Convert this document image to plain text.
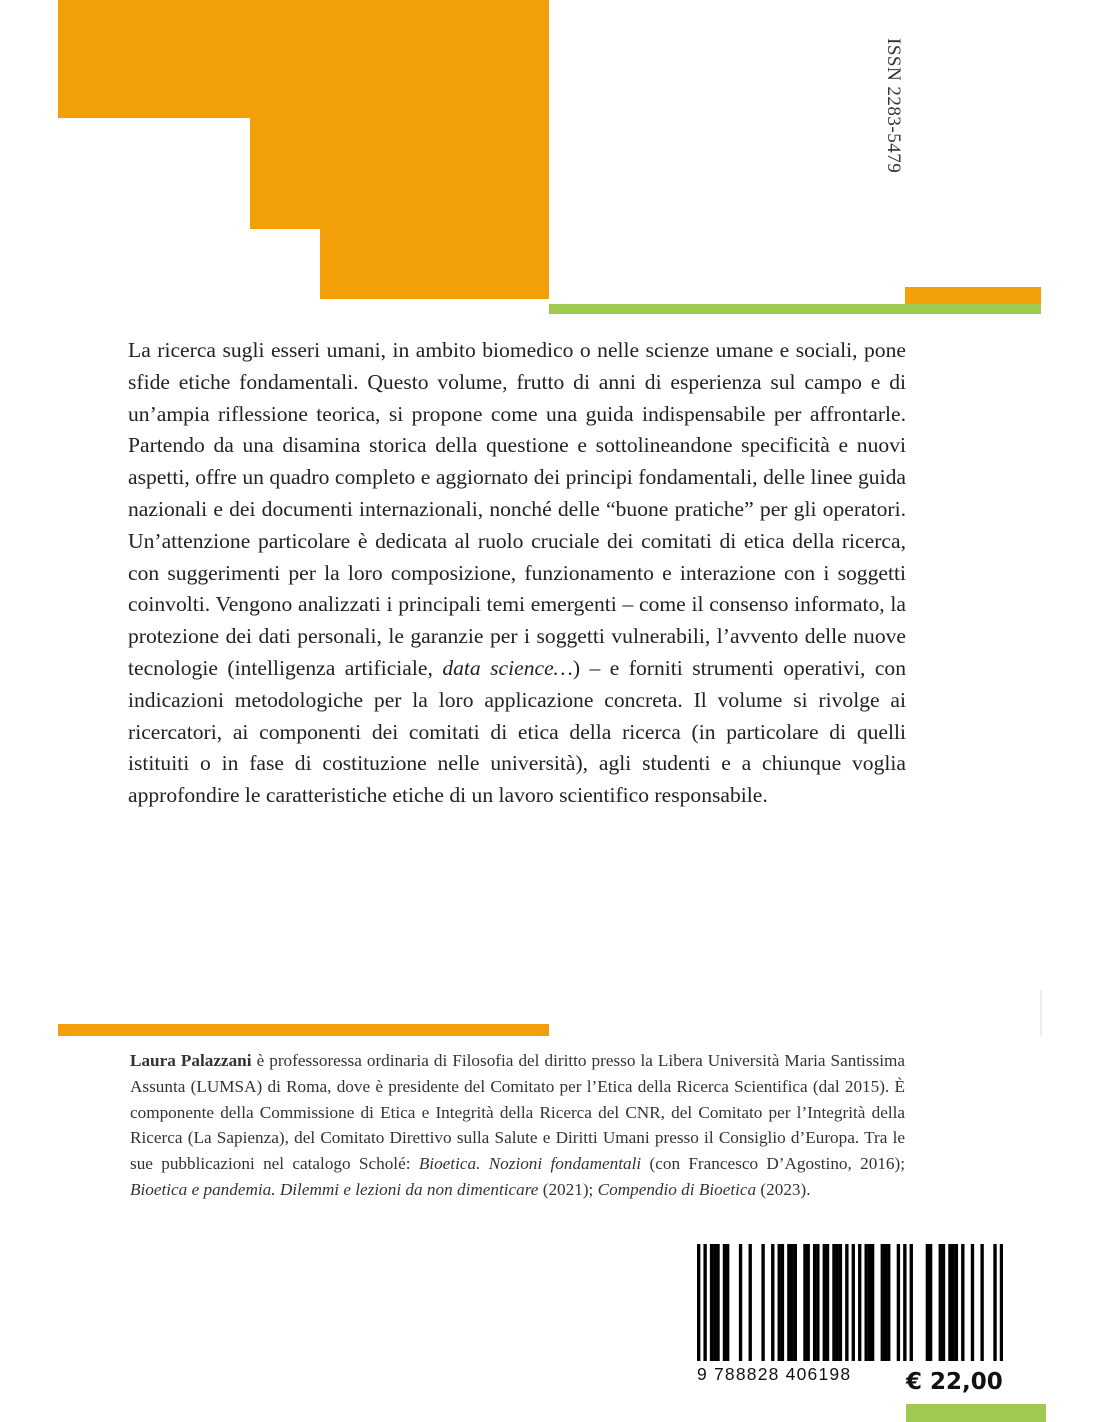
ISSN 2283-5479

La ricerca sugli esseri umani, in ambito biomedico o nelle scienze umane e sociali, pone sfide etiche fondamentali. Questo volume, frutto di anni di esperienza sul campo e di un’ampia riflessione teorica, si propone come una guida indispensabile per affrontarle. Partendo da una disamina storica della questione e sottolineandone specificità e nuovi aspetti, offre un quadro completo e aggiornato dei principi fondamentali, delle linee guida nazionali e dei documenti internazionali, nonché delle “buone pratiche” per gli operatori. Un’attenzione particolare è dedicata al ruolo cruciale dei comitati di etica della ricerca, con suggerimenti per la loro composizione, funzionamento e interazione con i soggetti coinvolti. Vengono analizzati i principali temi emergenti – come il consenso informato, la protezione dei dati personali, le garanzie per i soggetti vulnerabili, l’avvento delle nuove tecnologie (intelligenza artificiale, data science…) – e forniti strumenti operativi, con indicazioni metodologiche per la loro applicazione concreta. Il volume si rivolge ai ricercatori, ai componenti dei comitati di etica della ricerca (in particolare di quelli istituiti o in fase di costituzione nelle università), agli studenti e a chiunque voglia approfondire le caratteristiche etiche di un lavoro scientifico responsabile.

Laura Palazzani è professoressa ordinaria di Filosofia del diritto presso la Libera Università Maria Santissima Assunta (LUMSA) di Roma, dove è presidente del Comitato per l’Etica della Ricerca Scientifica (dal 2015). È componente della Commissione di Etica e Integrità della Ricerca del CNR, del Comitato per l’Integrità della Ricerca (La Sapienza), del Comitato Direttivo sulla Salute e Diritti Umani presso il Consiglio d’Europa. Tra le sue pubblicazioni nel catalogo Scholé: Bioetica. Nozioni fondamentali (con Francesco D’Agostino, 2016); Bioetica e pandemia. Dilemmi e lezioni da non dimenticare (2021); Compendio di Bioetica (2023).

9 788828 406198	€ 22,00
